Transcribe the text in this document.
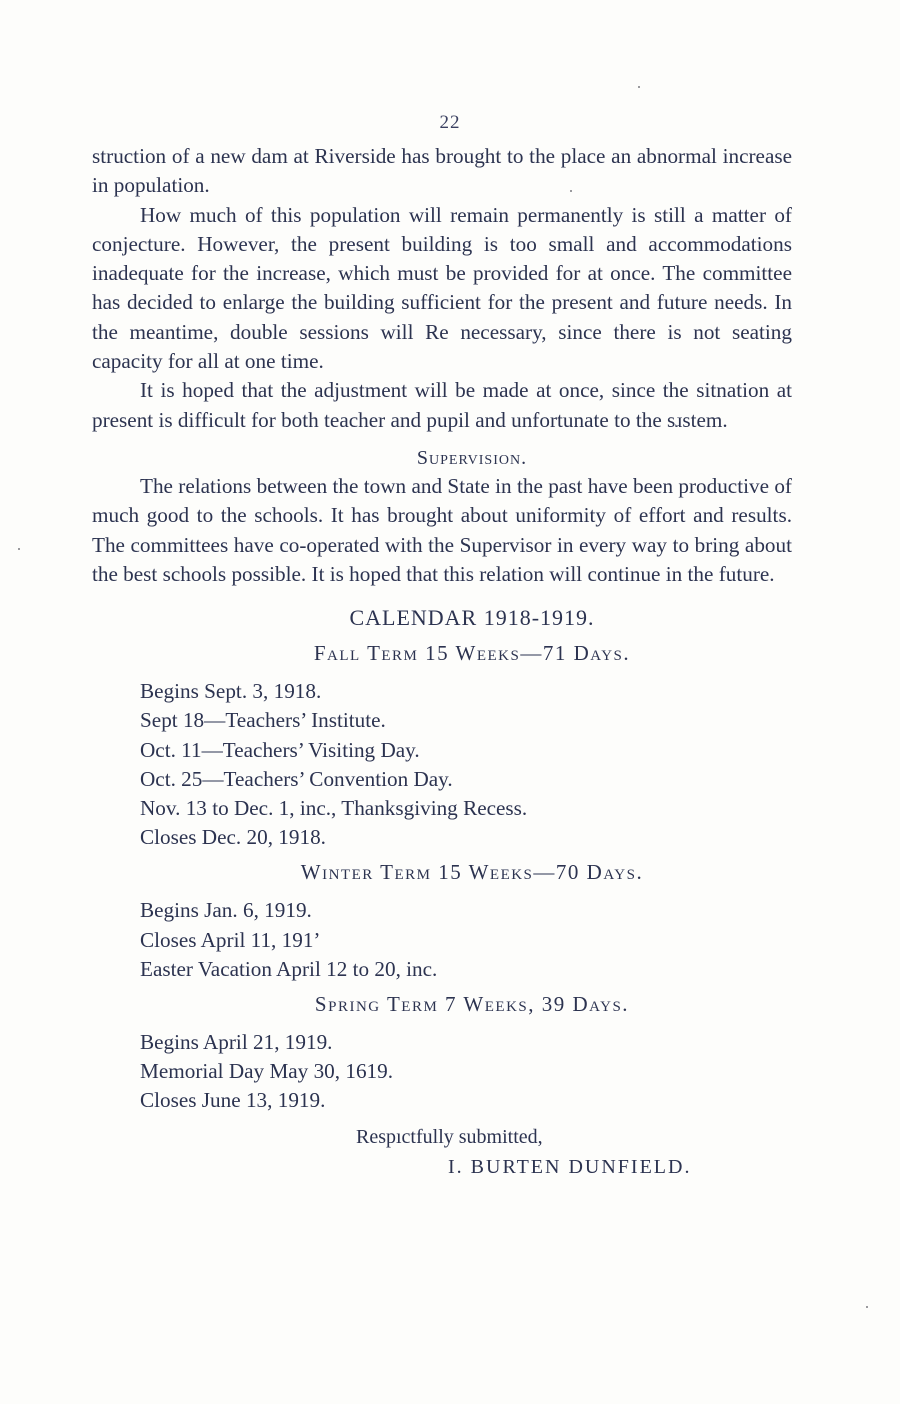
22

struction of a new dam at Riverside has brought to the place an abnormal increase in population.

How much of this population will remain permanently is still a matter of conjecture. However, the present building is too small and accommodations inadequate for the increase, which must be provided for at once. The committee has decided to enlarge the building sufficient for the present and future needs. In the meantime, double sessions will Re necessary, since there is not seating capacity for all at one time.

It is hoped that the adjustment will be made at once, since the sitnation at present is difficult for both teacher and pupil and unfortunate to the sɹstem.

Supervision.

The relations between the town and State in the past have been productive of much good to the schools. It has brought about uniformity of effort and results. The committees have co-operated with the Supervisor in every way to bring about the best schools possible. It is hoped that this relation will continue in the future.

CALENDAR 1918-1919.
Fall Term 15 Weeks—71 Days.
Begins Sept. 3, 1918.
Sept 18—Teachers’ Institute.
Oct. 11—Teachers’ Visiting Day.
Oct. 25—Teachers’ Convention Day.
Nov. 13 to Dec. 1, inc., Thanksgiving Recess.
Closes Dec. 20, 1918.
Winter Term 15 Weeks—70 Days.
Begins Jan. 6, 1919.
Closes April 11, 191’
Easter Vacation April 12 to 20, inc.
Spring Term 7 Weeks, 39 Days.
Begins April 21, 1919.
Memorial Day May 30, 1619.
Closes June 13, 1919.
Respıctfully submitted,
I. BURTEN DUNFIELD.
